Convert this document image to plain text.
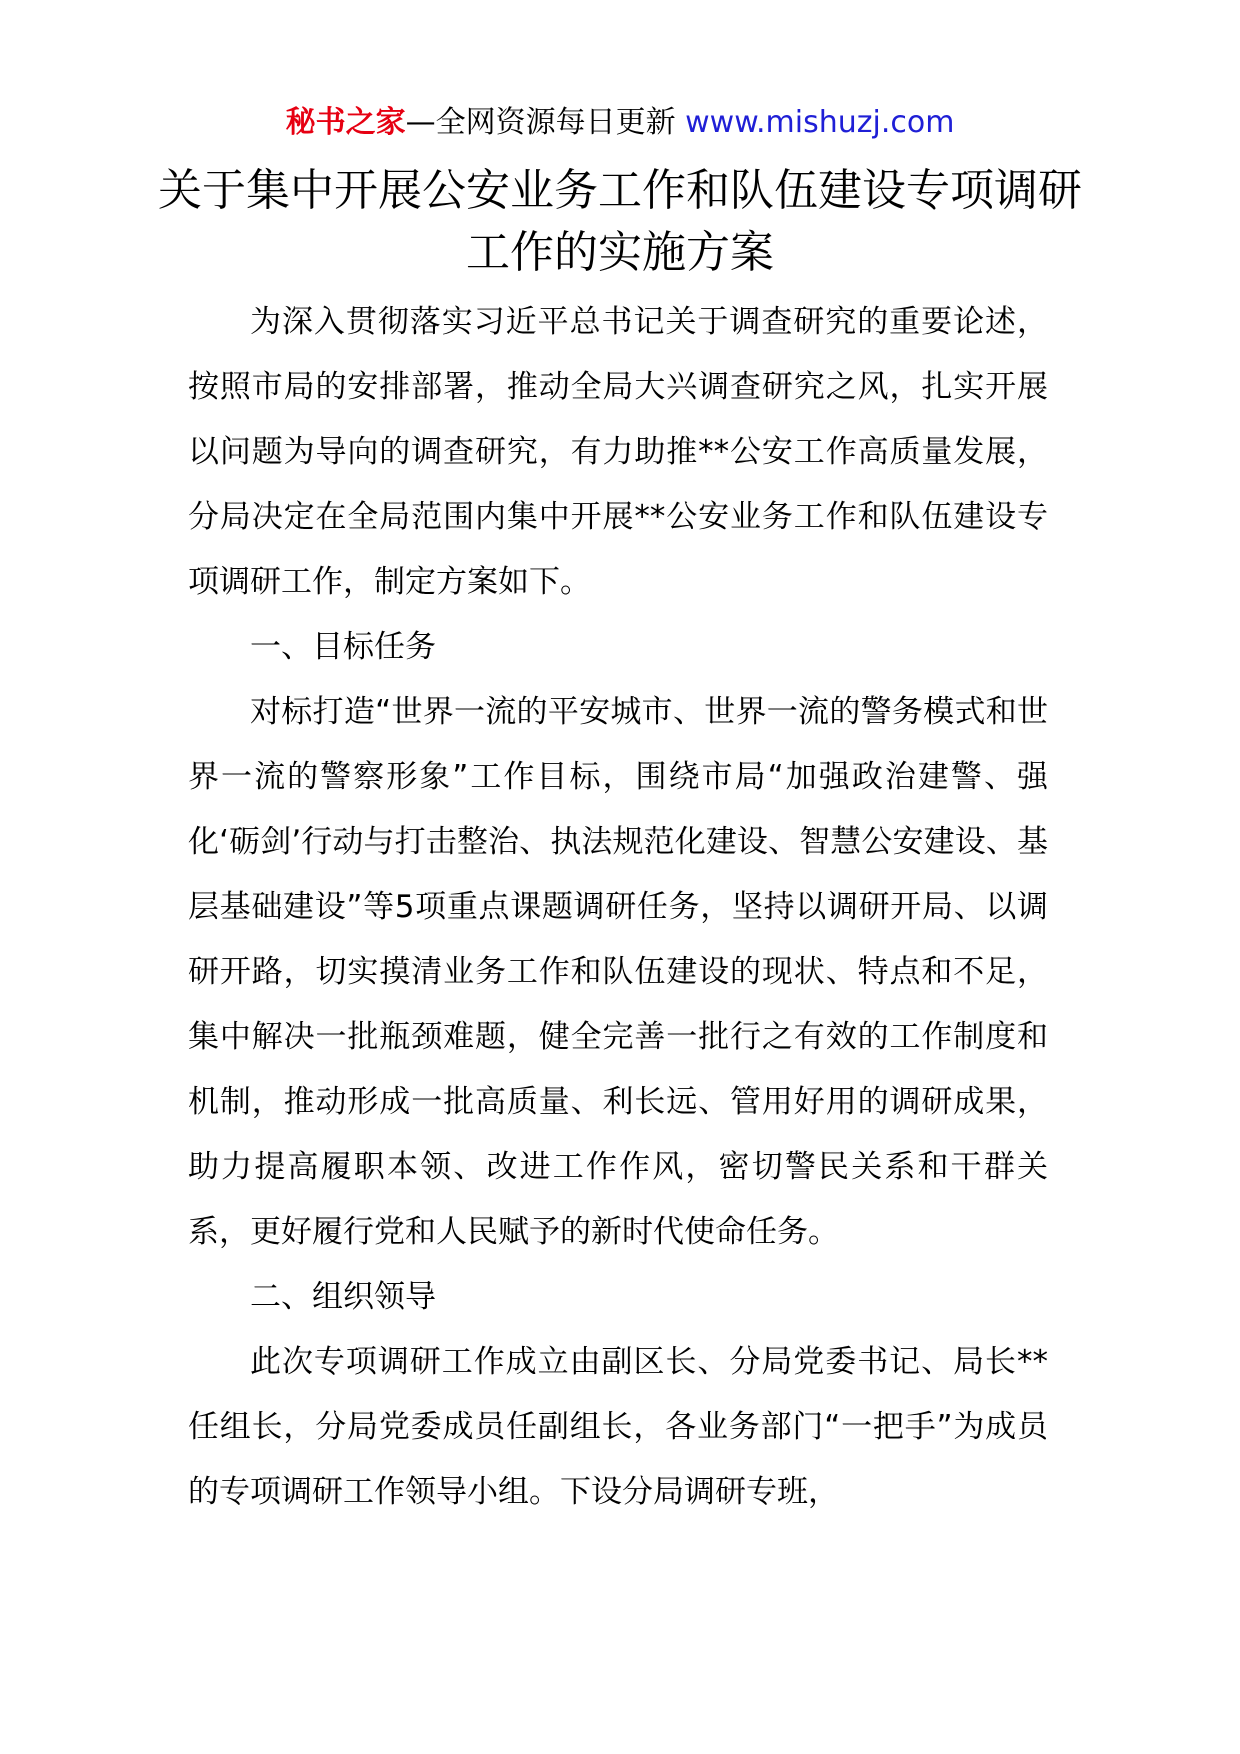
秘书之家—全网资源每日更新 www.mishuzj.com
关于集中开展公安业务工作和队伍建设专项调研工作的实施方案

为深入贯彻落实习近平总书记关于调查研究的重要论述，按照市局的安排部署，推动全局大兴调查研究之风，扎实开展以问题为导向的调查研究，有力助推**公安工作高质量发展，分局决定在全局范围内集中开展**公安业务工作和队伍建设专项调研工作，制定方案如下。

一、目标任务

对标打造“世界一流的平安城市、世界一流的警务模式和世界一流的警察形象”工作目标，围绕市局“加强政治建警、强化‘砺剑’行动与打击整治、执法规范化建设、智慧公安建设、基层基础建设”等5项重点课题调研任务，坚持以调研开局、以调研开路，切实摸清业务工作和队伍建设的现状、特点和不足，集中解决一批瓶颈难题，健全完善一批行之有效的工作制度和机制，推动形成一批高质量、利长远、管用好用的调研成果，助力提高履职本领、改进工作作风，密切警民关系和干群关系，更好履行党和人民赋予的新时代使命任务。

二、组织领导

此次专项调研工作成立由副区长、分局党委书记、局长**任组长，分局党委成员任副组长，各业务部门“一把手”为成员的专项调研工作领导小组。下设分局调研专班，
